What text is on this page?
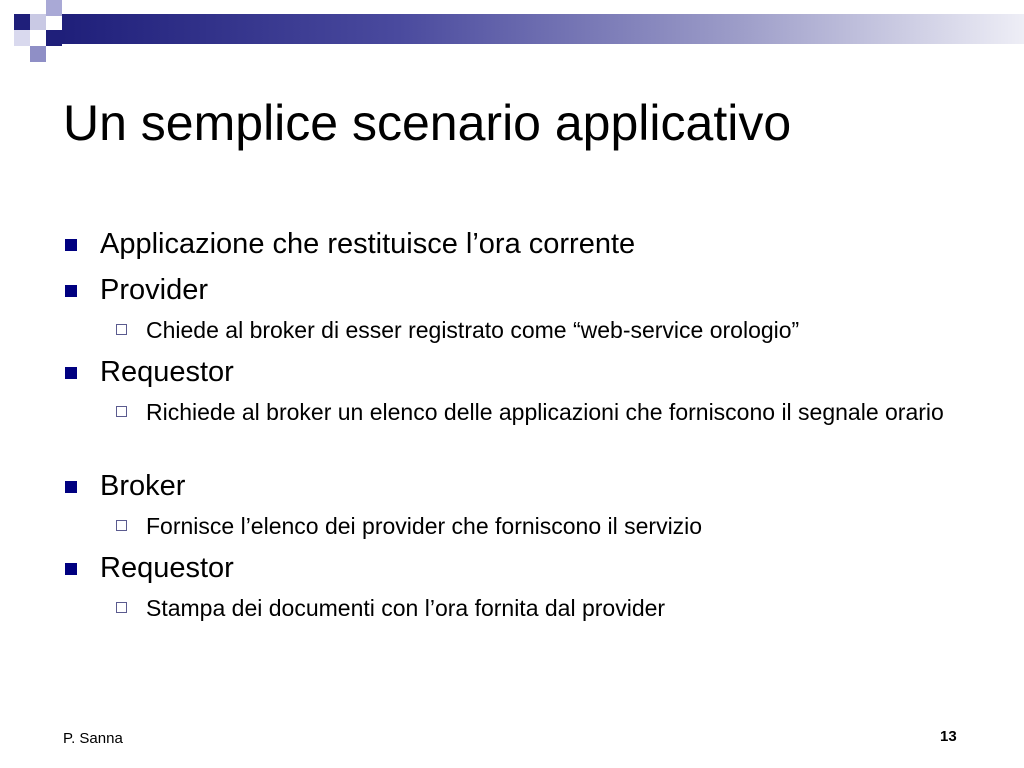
Un semplice scenario applicativo
Applicazione che restituisce l’ora corrente
Provider
Chiede al broker di esser registrato come “web-service orologio”
Requestor
Richiede al broker un elenco delle applicazioni che forniscono il segnale orario
Broker
Fornisce l’elenco dei provider che forniscono il servizio
Requestor
Stampa dei documenti con l’ora fornita dal provider
P. Sanna	13
